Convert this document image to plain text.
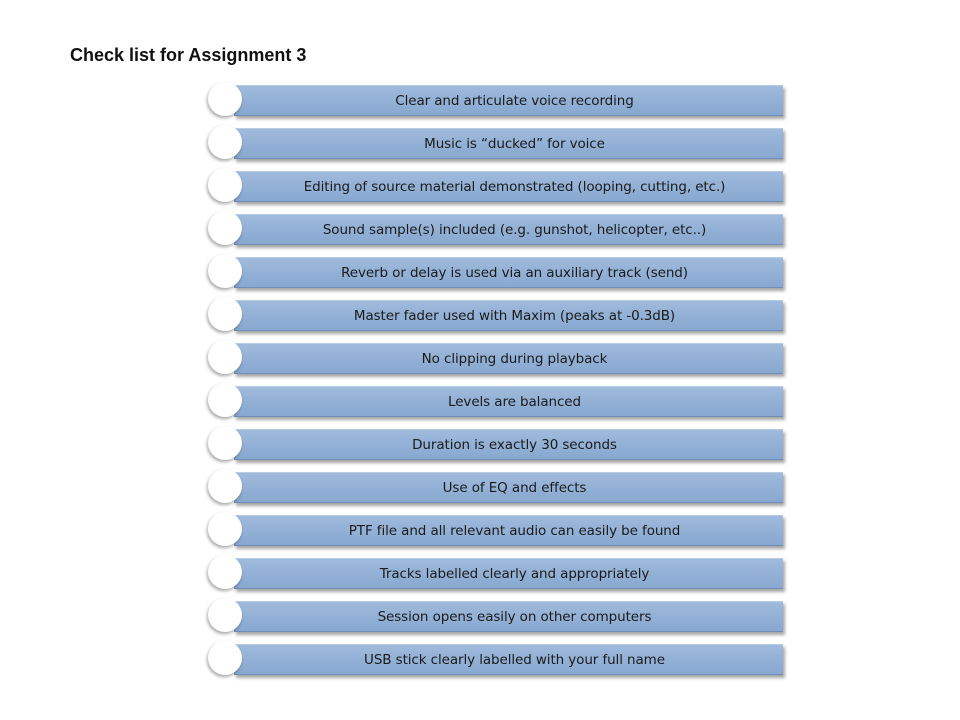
Check list for Assignment 3
Clear and articulate voice recording
Music is “ducked” for voice
Editing of source material demonstrated (looping, cutting, etc.)
Sound sample(s) included (e.g. gunshot, helicopter, etc..)
Reverb or delay is used via an auxiliary track (send)
Master fader used with Maxim (peaks at -0.3dB)
No clipping during playback
Levels are balanced
Duration is exactly 30 seconds
Use of EQ and effects
PTF file and all relevant audio can easily be found
Tracks labelled clearly and appropriately
Session opens easily on other computers
USB stick clearly labelled with your full name
